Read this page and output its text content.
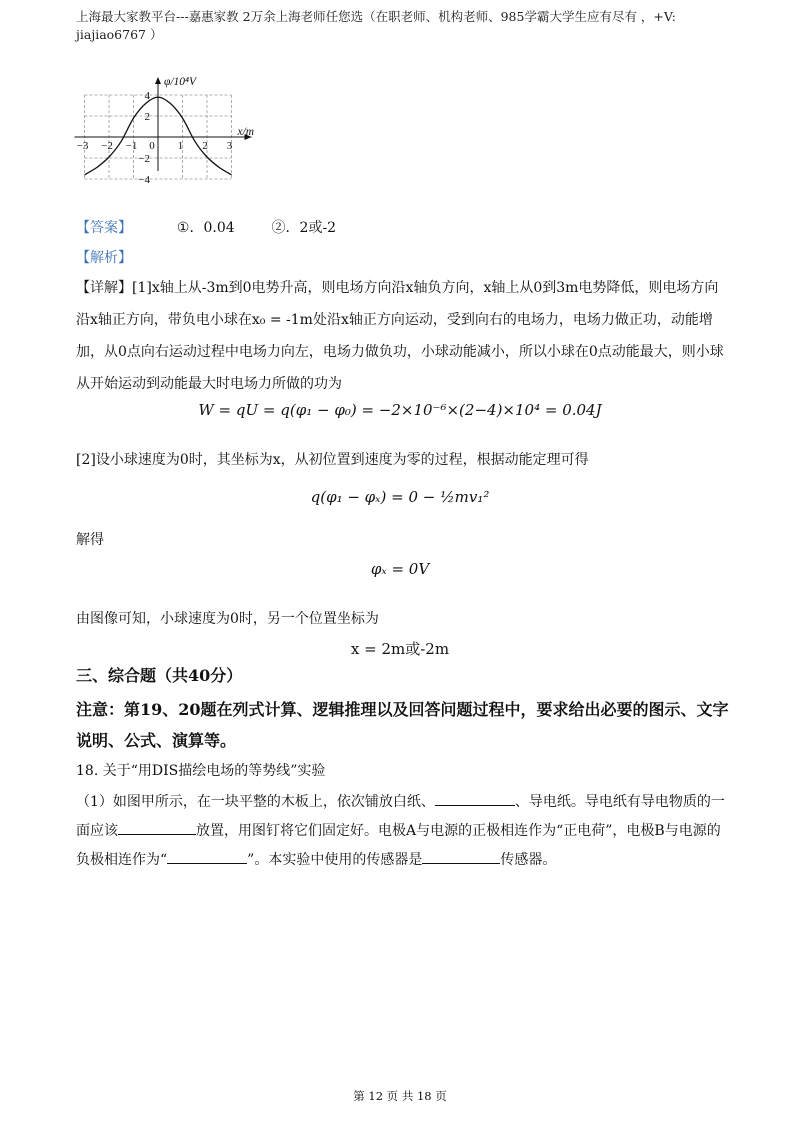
上海最大家教平台---嘉惠家教 2万余上海老师任您选（在职老师、机构老师、985学霸大学生应有尽有 ，+V:
jiajiao6767 ）
−3 −2 −1 0 1 2 3
4
2
−2
−4
φ/10⁴V
x/m
【答案】	①．0.04	②．2或-2
【解析】
【详解】[1]x轴上从-3m到0电势升高，则电场方向沿x轴负方向，x轴上从0到3m电势降低，则电场方向沿x轴正方向，带负电小球在x₀ = -1m处沿x轴正方向运动，受到向右的电场力，电场力做正功，动能增加，从0点向右运动过程中电场力向左，电场力做负功，小球动能减小，所以小球在0点动能最大，则小球从开始运动到动能最大时电场力所做的功为
W = qU = q(φ₁ − φ₀) = −2×10⁻⁶×(2−4)×10⁴ = 0.04J
[2]设小球速度为0时，其坐标为x，从初位置到速度为零的过程，根据动能定理可得
q(φ₁ − φₓ) = 0 − ½mv₁²
解得
φₓ = 0V
由图像可知，小球速度为0时，另一个位置坐标为
x = 2m或-2m
三、综合题（共40分）
注意：第19、20题在列式计算、逻辑推理以及回答问题过程中，要求给出必要的图示、文字说明、公式、演算等。
18. 关于“用DIS描绘电场的等势线”实验
（1）如图甲所示，在一块平整的木板上，依次铺放白纸、	、导电纸。导电纸有导电物质的一面应该	放置，用图钉将它们固定好。电极A与电源的正极相连作为“正电荷”，电极B与电源的负极相连作为“	”。本实验中使用的传感器是	传感器。
第 12 页 共 18 页
